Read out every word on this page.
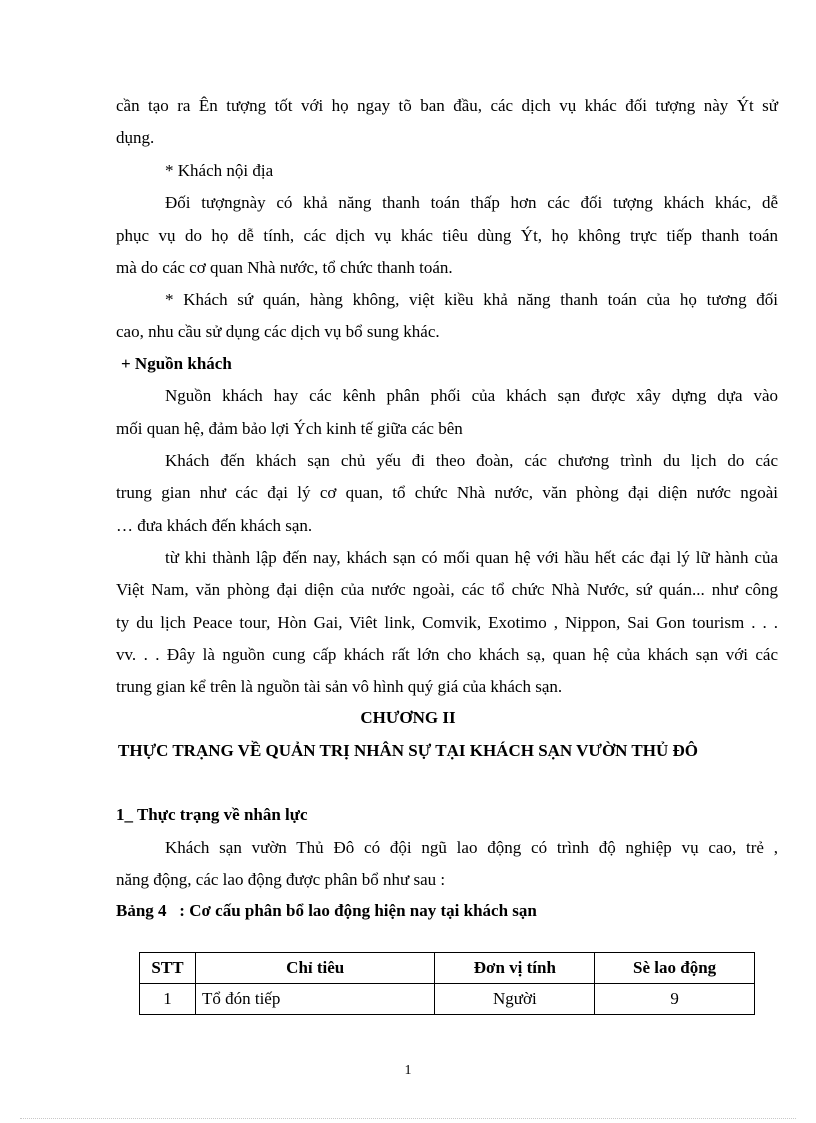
cần tạo ra Ên tượng tốt với họ ngay tõ ban đầu, các dịch vụ khác đối tượng này Ýt sử
dụng.
* Khách nội địa
Đối tượngnày có khả năng thanh toán thấp hơn các đối tượng khách khác, dễ
phục vụ do họ dễ tính, các dịch vụ khác tiêu dùng Ýt, họ không trực tiếp thanh toán
mà do các cơ quan Nhà nước, tổ chức thanh toán.
* Khách sứ quán, hàng không, việt kiều khả năng thanh toán của họ tương đối
cao, nhu cầu sử dụng các dịch vụ bổ sung khác.
+ Nguồn khách
Nguồn khách hay các kênh phân phối của khách sạn được xây dựng dựa vào
mối quan hệ, đảm bảo lợi Ých kinh tế giữa các bên
Khách đến khách sạn chủ yếu đi theo đoàn, các chương trình du lịch do các
trung gian như các đại lý cơ quan, tổ chức Nhà nước, văn phòng đại diện nước ngoài
… đưa khách đến khách sạn.
từ khi thành lập đến nay, khách sạn có mối quan hệ với hầu hết các đại lý lữ hành của
Việt Nam, văn phòng đại diện của nước ngoài, các tổ chức Nhà Nước, sứ quán... như công
ty du lịch Peace tour, Hòn Gai, Viêt link, Comvik, Exotimo , Nippon, Sai Gon tourism . . .
vv. . . Đây là nguồn cung cấp khách rất lớn cho khách sạ, quan hệ của khách sạn với các
trung gian kể trên là nguồn tài sản vô hình quý giá của khách sạn.
CHƯƠNG II
THỰC TRẠNG VỀ QUẢN TRỊ NHÂN SỰ TẠI KHÁCH SẠN VƯỜN THỦ ĐÔ
1_ Thực trạng về nhân lực
Khách sạn vườn Thủ Đô có đội ngũ lao động có trình độ nghiệp vụ cao, trẻ ,
năng động, các lao động được phân bổ như sau :
Bảng 4   : Cơ cấu phân bổ lao động hiện nay tại khách sạn
STT	Chỉ tiêu	Đơn vị tính	Sè lao động
1	Tổ đón tiếp	Người	9
1
